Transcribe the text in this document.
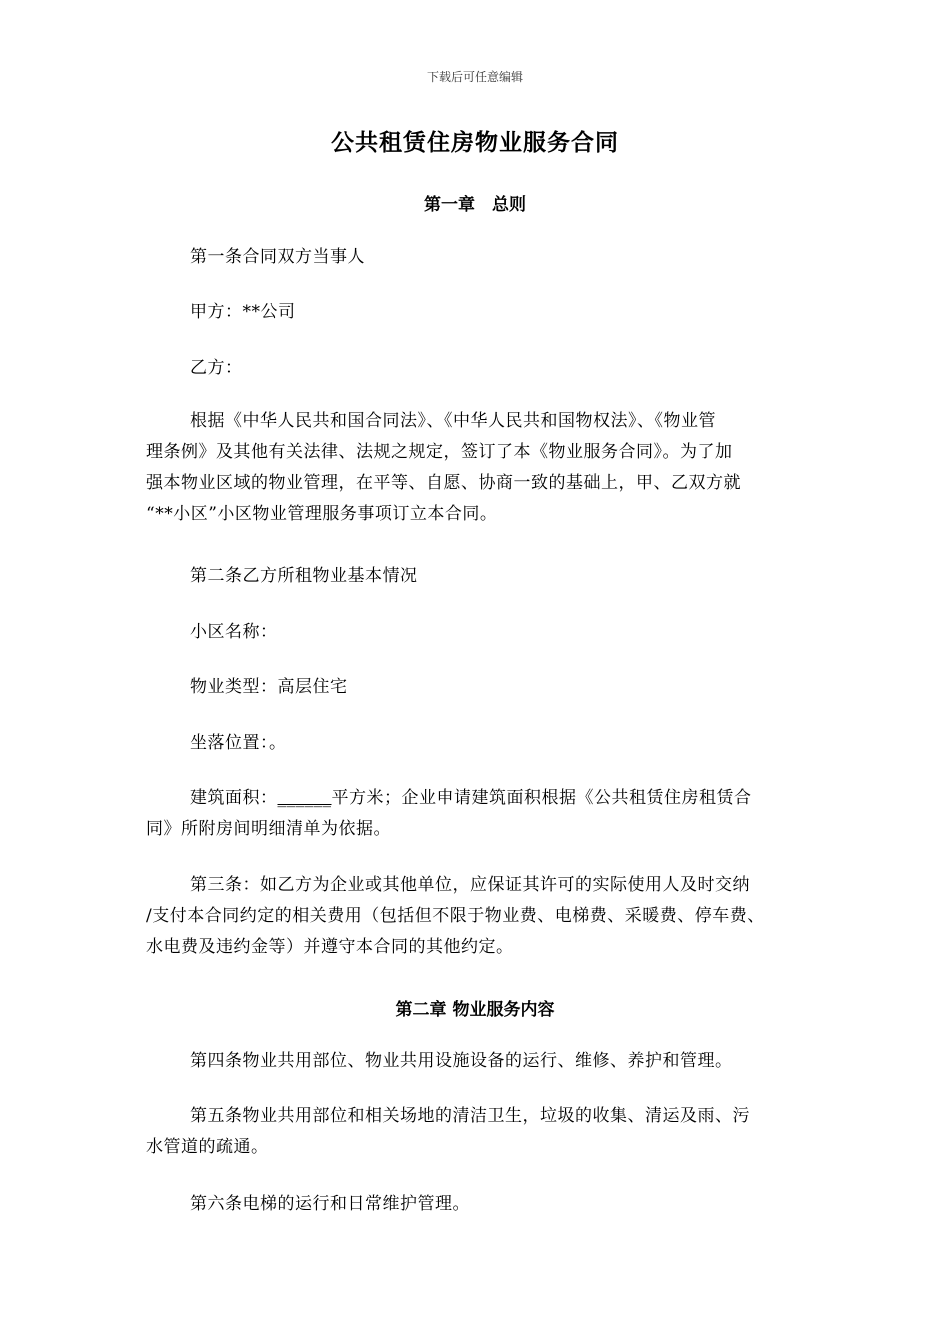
下载后可任意编辑
公共租赁住房物业服务合同
第一章　总则
第一条合同双方当事人
甲方：**公司
乙方：
根据《中华人民共和国合同法》、《中华人民共和国物权法》、《物业管
理条例》及其他有关法律、法规之规定，签订了本《物业服务合同》。为了加
强本物业区域的物业管理，在平等、自愿、协商一致的基础上，甲、乙双方就
“**小区”小区物业管理服务事项订立本合同。
第二条乙方所租物业基本情况
小区名称：
物业类型：高层住宅
坐落位置：。
建筑面积：______平方米；企业申请建筑面积根据《公共租赁住房租赁合
同》所附房间明细清单为依据。
第三条：如乙方为企业或其他单位，应保证其许可的实际使用人及时交纳
/支付本合同约定的相关费用（包括但不限于物业费、电梯费、采暖费、停车费、
水电费及违约金等）并遵守本合同的其他约定。
第二章 物业服务内容
第四条物业共用部位、物业共用设施设备的运行、维修、养护和管理。
第五条物业共用部位和相关场地的清洁卫生，垃圾的收集、清运及雨、污
水管道的疏通。
第六条电梯的运行和日常维护管理。
